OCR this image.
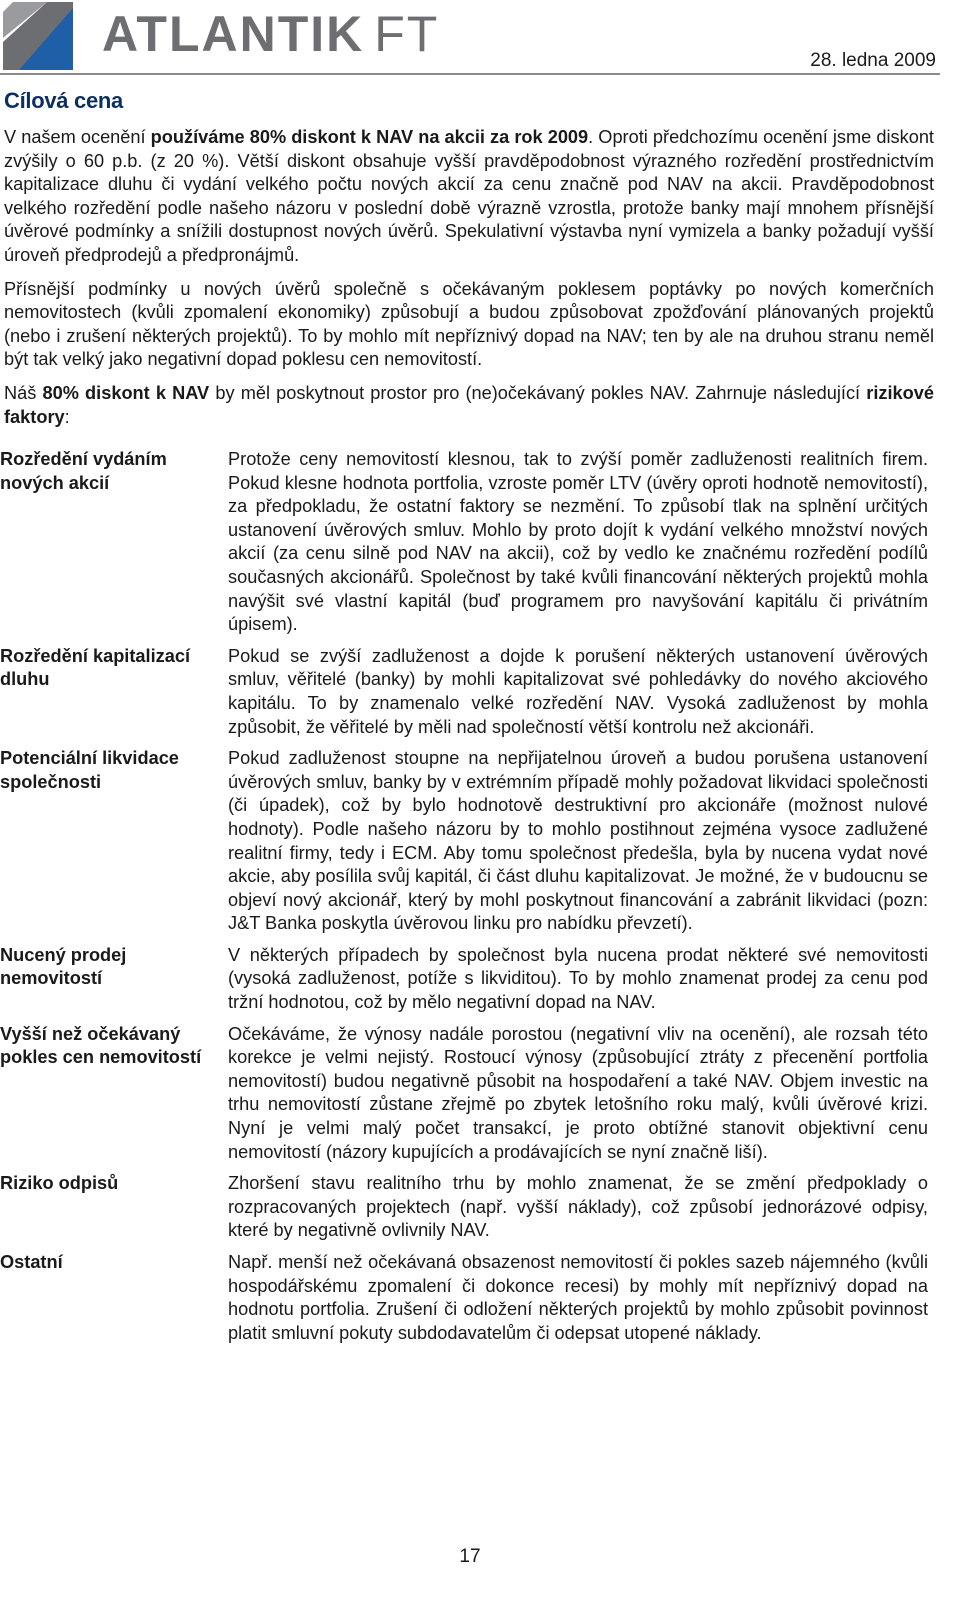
ATLANTIK FT	28. ledna 2009
Cílová cena

V našem ocenění používáme 80% diskont k NAV na akcii za rok 2009. Oproti předchozímu ocenění jsme diskont zvýšily o 60 p.b. (z 20 %). Větší diskont obsahuje vyšší pravděpodobnost výrazného rozředění prostřednictvím kapitalizace dluhu či vydání velkého počtu nových akcií za cenu značně pod NAV na akcii. Pravděpodobnost velkého rozředění podle našeho názoru v poslední době výrazně vzrostla, protože banky mají mnohem přísnější úvěrové podmínky a snížili dostupnost nových úvěrů. Spekulativní výstavba nyní vymizela a banky požadují vyšší úroveň předprodejů a předpronájmů.

Přísnější podmínky u nových úvěrů společně s očekávaným poklesem poptávky po nových komerčních nemovitostech (kvůli zpomalení ekonomiky) způsobují a budou způsobovat zpožďování plánovaných projektů (nebo i zrušení některých projektů). To by mohlo mít nepříznivý dopad na NAV; ten by ale na druhou stranu neměl být tak velký jako negativní dopad poklesu cen nemovitostí.

Náš 80% diskont k NAV by měl poskytnout prostor pro (ne)očekávaný pokles NAV. Zahrnuje následující rizikové faktory:

Rozředění vydáním nových akcií
Protože ceny nemovitostí klesnou, tak to zvýší poměr zadluženosti realitních firem. Pokud klesne hodnota portfolia, vzroste poměr LTV (úvěry oproti hodnotě nemovitostí), za předpokladu, že ostatní faktory se nezmění. To způsobí tlak na splnění určitých ustanovení úvěrových smluv. Mohlo by proto dojít k vydání velkého množství nových akcií (za cenu silně pod NAV na akcii), což by vedlo ke značnému rozředění podílů současných akcionářů. Společnost by také kvůli financování některých projektů mohla navýšit své vlastní kapitál (buď programem pro navyšování kapitálu či privátním úpisem).
Rozředění kapitalizací dluhu
Pokud se zvýší zadluženost a dojde k porušení některých ustanovení úvěrových smluv, věřitelé (banky) by mohli kapitalizovat své pohledávky do nového akciového kapitálu. To by znamenalo velké rozředění NAV. Vysoká zadluženost by mohla způsobit, že věřitelé by měli nad společností větší kontrolu než akcionáři.
Potenciální likvidace společnosti
Pokud zadluženost stoupne na nepřijatelnou úroveň a budou porušena ustanovení úvěrových smluv, banky by v extrémním případě mohly požadovat likvidaci společnosti (či úpadek), což by bylo hodnotově destruktivní pro akcionáře (možnost nulové hodnoty). Podle našeho názoru by to mohlo postihnout zejména vysoce zadlužené realitní firmy, tedy i ECM. Aby tomu společnost předešla, byla by nucena vydat nové akcie, aby posílila svůj kapitál, či část dluhu kapitalizovat. Je možné, že v budoucnu se objeví nový akcionář, který by mohl poskytnout financování a zabránit likvidaci (pozn: J&T Banka poskytla úvěrovou linku pro nabídku převzetí).
Nucený prodej nemovitostí
V některých případech by společnost byla nucena prodat některé své nemovitosti (vysoká zadluženost, potíže s likviditou). To by mohlo znamenat prodej za cenu pod tržní hodnotou, což by mělo negativní dopad na NAV.
Vyšší než očekávaný pokles cen nemovitostí
Očekáváme, že výnosy nadále porostou (negativní vliv na ocenění), ale rozsah této korekce je velmi nejistý. Rostoucí výnosy (způsobující ztráty z přecenění portfolia nemovitostí) budou negativně působit na hospodaření a také NAV. Objem investic na trhu nemovitostí zůstane zřejmě po zbytek letošního roku malý, kvůli úvěrové krizi. Nyní je velmi malý počet transakcí, je proto obtížné stanovit objektivní cenu nemovitostí (názory kupujících a prodávajících se nyní značně liší).
Riziko odpisů	Zhoršení stavu realitního trhu by mohlo znamenat, že se změní předpoklady o rozpracovaných projektech (např. vyšší náklady), což způsobí jednorázové odpisy, které by negativně ovlivnily NAV.
Ostatní	Např. menší než očekávaná obsazenost nemovitostí či pokles sazeb nájemného (kvůli hospodářskému zpomalení či dokonce recesi) by mohly mít nepříznivý dopad na hodnotu portfolia. Zrušení či odložení některých projektů by mohlo způsobit povinnost platit smluvní pokuty subdodavatelům či odepsat utopené náklady.
17
